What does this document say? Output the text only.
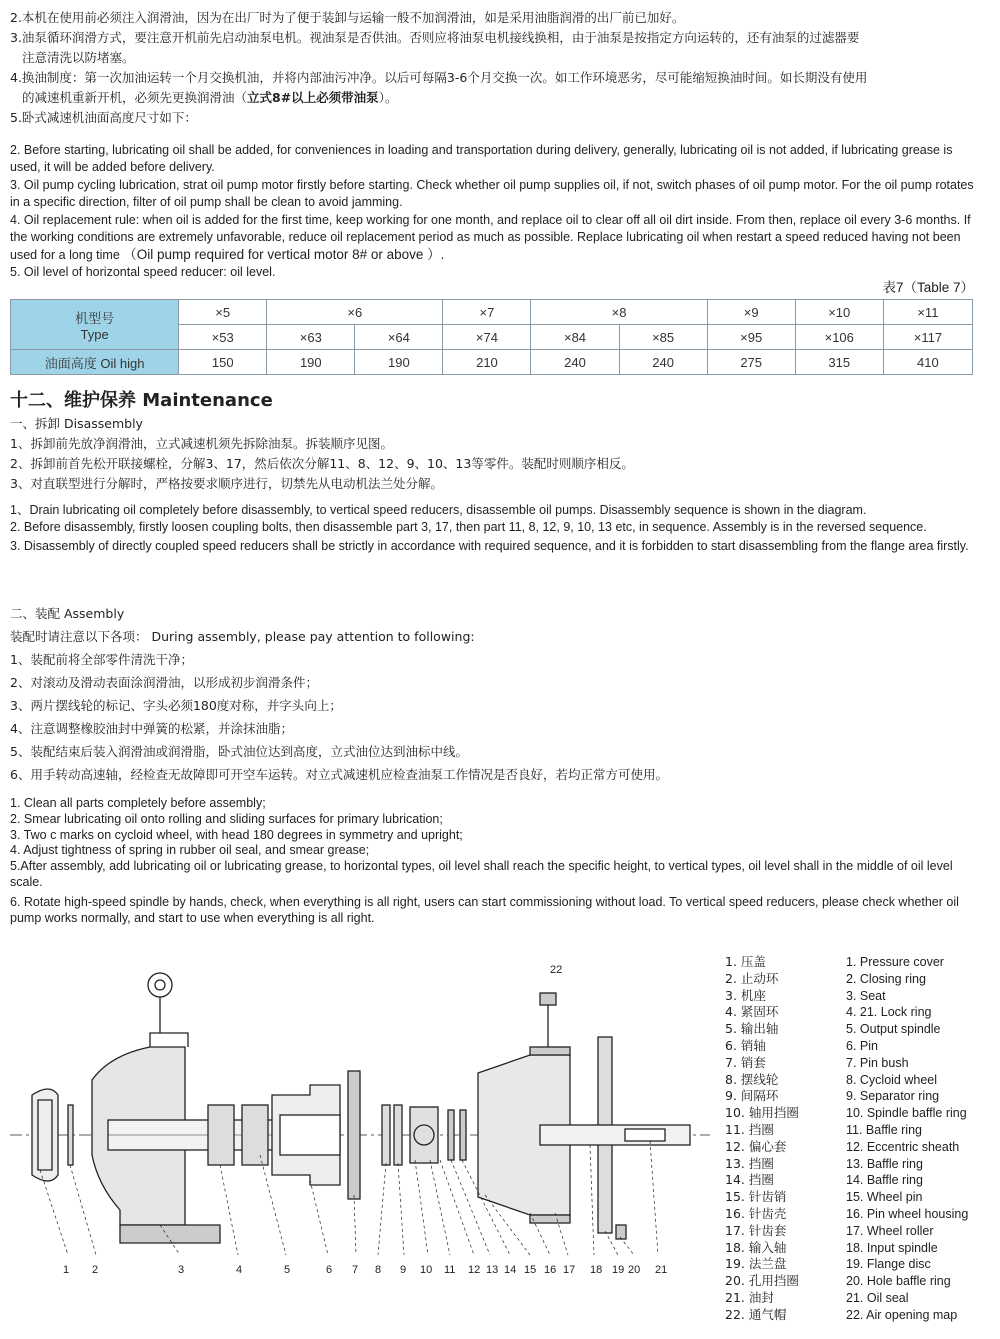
2.本机在使用前必须注入润滑油，因为在出厂时为了便于装卸与运输一般不加润滑油，如是采用油脂润滑的出厂前已加好。

3.油泵循环润滑方式，要注意开机前先启动油泵电机。视油泵是否供油。否则应将油泵电机接线换相，由于油泵是按指定方向运转的，还有油泵的过滤器要

注意清洗以防堵塞。

4.换油制度：第一次加油运转一个月交换机油，并将内部油污冲净。以后可每隔3-6个月交换一次。如工作环境恶劣，尽可能缩短换油时间。如长期没有使用

的减速机重新开机，必须先更换润滑油（立式8#以上必须带油泵）。

5.卧式减速机油面高度尺寸如下：

2. Before starting, lubricating oil shall be added, for conveniences in loading and transportation during delivery, generally, lubricating oil is not added, if lubricating grease is used, it will be added before delivery.

3. Oil pump cycling lubrication, strat oil pump motor firstly before starting. Check whether oil pump supplies oil, if not, switch phases of oil pump motor. For the oil pump rotates in a specific direction, filter of oil pump shall be clean to avoid jamming.

4. Oil replacement rule: when oil is added for the first time, keep working for one month, and replace oil to clear off all oil dirt inside. From then, replace oil every 3-6 months. If the working conditions are extremely unfavorable, reduce oil replacement period as much as possible. Replace lubricating oil when restart a speed reduced having not been used for a long time （Oil pump required for vertical motor 8# or above ）.

5. Oil level of horizontal speed reducer: oil level.

表7（Table 7）
机型号
Type	×5	×6		×7	×8		×9	×10	×11
	×53	×63	×64	×74	×84	×85	×95	×106	×117
油面高度 Oil high	150	190	190	210	240	240	275	315	410
十二、维护保养 Maintenance

一、拆卸 Disassembly

1、拆卸前先放净润滑油，立式减速机须先拆除油泵。拆装顺序见图。

2、拆卸前首先松开联接螺栓，分解3、17，然后依次分解11、8、12、9、10、13等零件。装配时则顺序相反。

3、对直联型进行分解时，严格按要求顺序进行，切禁先从电动机法兰处分解。

1、Drain lubricating oil completely before disassembly, to vertical speed reducers, disassemble oil pumps. Disassembly sequence is shown in the diagram.

2. Before disassembly, firstly loosen coupling bolts, then disassemble part 3, 17, then part 11, 8, 12, 9, 10, 13 etc, in sequence. Assembly is in the reversed sequence.

3. Disassembly of directly coupled speed reducers shall be strictly in accordance with required sequence, and it is forbidden to start disassembling from the flange area firstly.

二、装配 Assembly

装配时请注意以下各项： During assembly, please pay attention to following:

1、装配前将全部零件清洗干净；

2、对滚动及滑动表面涂润滑油，以形成初步润滑条件；

3、两片摆线轮的标记、字头必须180度对称，并字头向上；

4、注意调整橡胶油封中弹簧的松紧，并涂抹油脂；

5、装配结束后装入润滑油或润滑脂，卧式油位达到高度，立式油位达到油标中线。

6、用手转动高速轴，经检查无故障即可开空车运转。对立式减速机应检查油泵工作情况是否良好，若均正常方可使用。

1. Clean all parts completely before assembly;

2. Smear lubricating oil onto rolling and sliding surfaces for primary lubrication;

3. Two c marks on cycloid wheel, with head 180 degrees in symmetry and upright;

4. Adjust tightness of spring in rubber oil seal, and smear grease;

5.After assembly, add lubricating oil or lubricating grease, to horizontal types, oil level shall reach the specific height, to vertical types, oil level shall in the middle of oil level scale.

6. Rotate high-speed spindle by hands, check, when everything is all right, users can start commissioning without load. To vertical speed reducers, please check whether oil pump works normally, and start to use when everything is all right.

1 2	3	4	5	6 7 8 9 10 11 12 13 14 15 16 17 18 19 20 21
22
1. 压盖
2. 止动环
3. 机座
4. 紧固环
5. 输出轴
6. 销轴
7. 销套
8. 摆线轮
9. 间隔环
10. 轴用挡圈
11. 挡圈
12. 偏心套
13. 挡圈
14. 挡圈
15. 针齿销
16. 针齿壳
17. 针齿套
18. 输入轴
19. 法兰盘
20. 孔用挡圈
21. 油封
22. 通气帽
1. Pressure cover
2. Closing ring
3. Seat
4. 21. Lock ring
5. Output spindle
6. Pin
7. Pin bush
8. Cycloid wheel
9. Separator ring
10. Spindle baffle ring
11. Baffle ring
12. Eccentric sheath
13. Baffle ring
14. Baffle ring
15. Wheel pin
16. Pin wheel housing
17. Wheel roller
18. Input spindle
19. Flange disc
20. Hole baffle ring
21. Oil seal
22. Air opening map
